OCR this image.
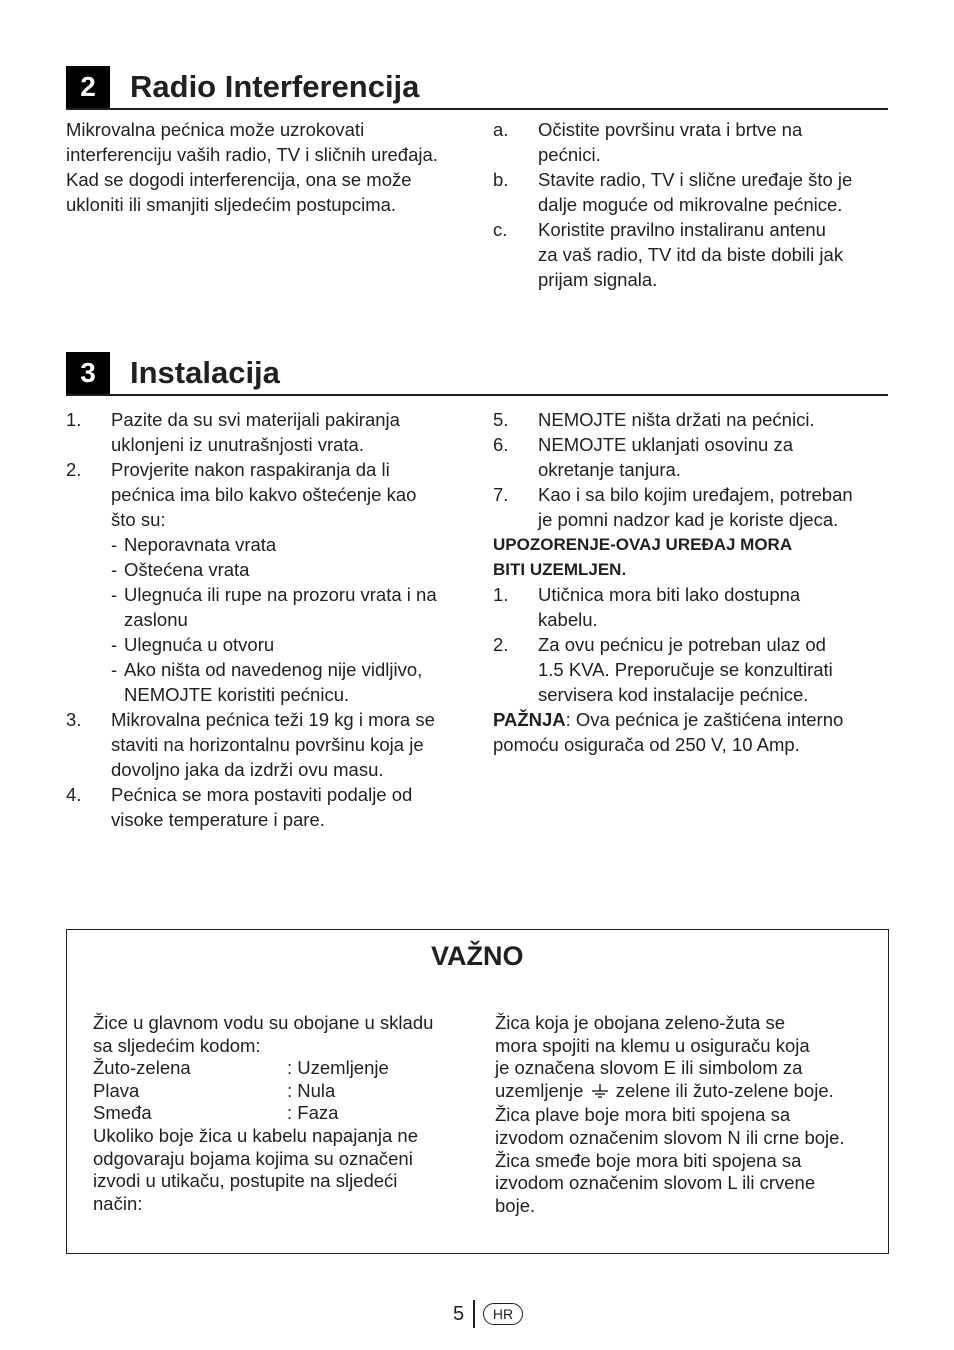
2	Radio Interferencija

Mikrovalna pećnica može uzrokovati

interferenciju vaših radio, TV i sličnih uređaja.

Kad se dogodi interferencija, ona se može

ukloniti ili smanjiti sljedećim postupcima.

a. Očistite površinu vrata i brtve na
pećnici.
b. Stavite radio, TV i slične uređaje što je
dalje moguće od mikrovalne pećnice.
c. Koristite pravilno instaliranu antenu
za vaš radio, TV itd da biste dobili jak
prijam signala.
3	Instalacija
1. Pazite da su svi materijali pakiranja
uklonjeni iz unutrašnjosti vrata.
2. Provjerite nakon raspakiranja da li
pećnica ima bilo kakvo oštećenje kao
što su:
- Neporavnata vrata
- Oštećena vrata
- Ulegnuća ili rupe na prozoru vrata i na
zaslonu
- Ulegnuća u otvoru
- Ako ništa od navedenog nije vidljivo,
NEMOJTE koristiti pećnicu.
3. Mikrovalna pećnica teži 19 kg i mora se
staviti na horizontalnu površinu koja je
dovoljno jaka da izdrži ovu masu.
4. Pećnica se mora postaviti podalje od
visoke temperature i pare.
5. NEMOJTE ništa držati na pećnici.
6. NEMOJTE uklanjati osovinu za
okretanje tanjura.
7. Kao i sa bilo kojim uređajem, potreban
je pomni nadzor kad je koriste djeca.
UPOZORENJE-OVAJ UREĐAJ MORA
BITI UZEMLJEN.
1. Utičnica mora biti lako dostupna
kabelu.
2. Za ovu pećnicu je potreban ulaz od
1.5 KVA. Preporučuje se konzultirati
servisera kod instalacije pećnice.
PAŽNJA: Ova pećnica je zaštićena interno
pomoću osigurača od 250 V, 10 Amp.
VAŽNO
Žice u glavnom vodu su obojane u skladu
sa sljedećim kodom:
Žuto-zelena	: Uzemljenje
Plava	: Nula
Smeđa	: Faza
Ukoliko boje žica u kabelu napajanja ne
odgovaraju bojama kojima su označeni
izvodi u utikaču, postupite na sljedeći
način:
Žica koja je obojana zeleno-žuta se
mora spojiti na klemu u osiguraču koja
je označena slovom E ili simbolom za
uzemljenje zelene ili žuto-zelene boje.
Žica plave boje mora biti spojena sa
izvodom označenim slovom N ili crne boje.
Žica smeđe boje mora biti spojena sa
izvodom označenim slovom L ili crvene
boje.
5	HR
